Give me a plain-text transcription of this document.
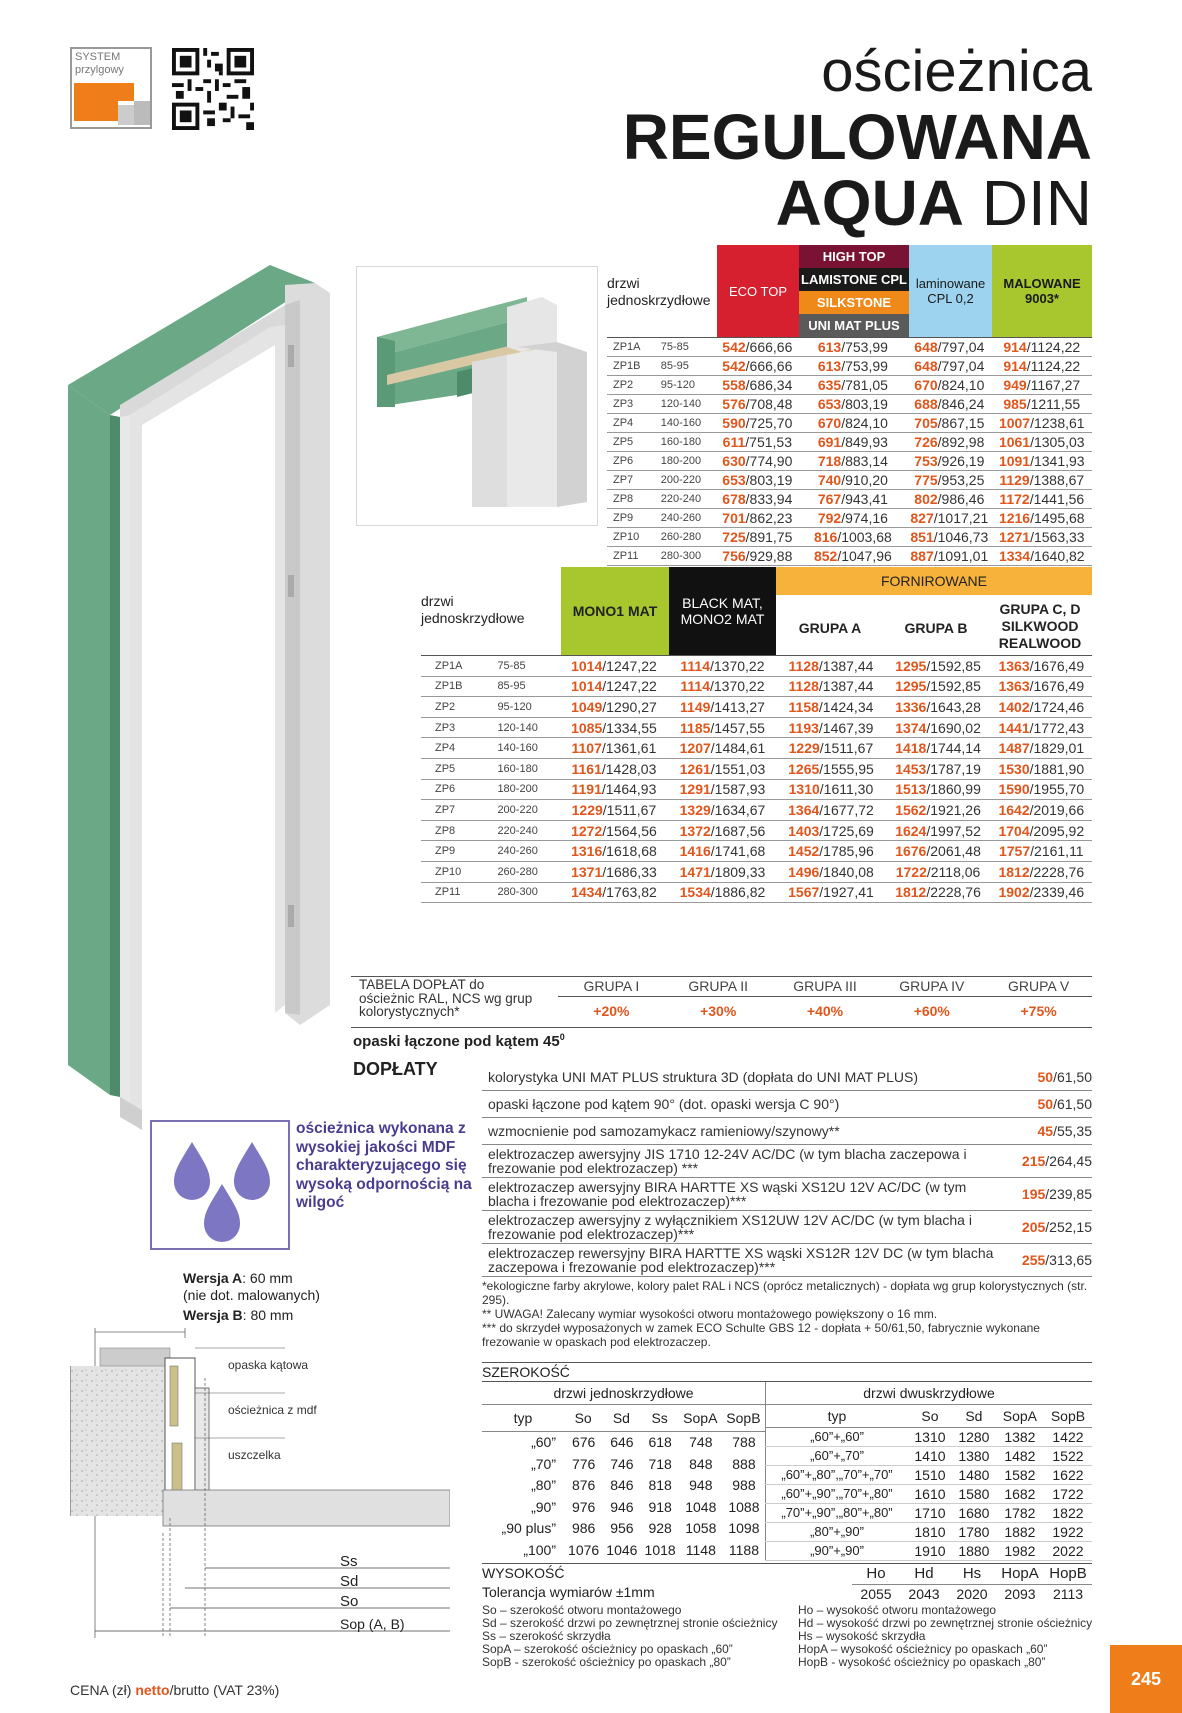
SYSTEM przylgowy	ościeżnica
REGULOWANA
AQUA DIN
drzwi jednoskrzydłowe
ECO TOP
HIGH TOP
LAMISTONE CPL
SILKSTONE
UNI MAT PLUS
laminowane CPL 0,2
MALOWANE 9003*
ZP1A	75-85	542/666,66	613/753,99	648/797,04	914/1124,22
ZP1B	85-95	542/666,66	613/753,99	648/797,04	914/1124,22
ZP2	95-120	558/686,34	635/781,05	670/824,10	949/1167,27
ZP3	120-140	576/708,48	653/803,19	688/846,24	985/1211,55
ZP4	140-160	590/725,70	670/824,10	705/867,15	1007/1238,61
ZP5	160-180	611/751,53	691/849,93	726/892,98	1061/1305,03
ZP6	180-200	630/774,90	718/883,14	753/926,19	1091/1341,93
ZP7	200-220	653/803,19	740/910,20	775/953,25	1129/1388,67
ZP8	220-240	678/833,94	767/943,41	802/986,46	1172/1441,56
ZP9	240-260	701/862,23	792/974,16	827/1017,21	1216/1495,68
ZP10	260-280	725/891,75	816/1003,68	851/1046,73	1271/1563,33
ZP11	280-300	756/929,88	852/1047,96	887/1091,01	1334/1640,82
drzwi jednoskrzydłowe	MONO1 MAT	BLACK MAT, MONO2 MAT
FORNIROWANE
GRUPA A	GRUPA B
GRUPA C, D SILKWOOD REALWOOD
ZP1A	75-85	1014/1247,22	1114/1370,22	1128/1387,44	1295/1592,85	1363/1676,49
ZP1B	85-95	1014/1247,22	1114/1370,22	1128/1387,44	1295/1592,85	1363/1676,49
ZP2	95-120	1049/1290,27	1149/1413,27	1158/1424,34	1336/1643,28	1402/1724,46
ZP3	120-140	1085/1334,55	1185/1457,55	1193/1467,39	1374/1690,02	1441/1772,43
ZP4	140-160	1107/1361,61	1207/1484,61	1229/1511,67	1418/1744,14	1487/1829,01
ZP5	160-180	1161/1428,03	1261/1551,03	1265/1555,95	1453/1787,19	1530/1881,90
ZP6	180-200	1191/1464,93	1291/1587,93	1310/1611,30	1513/1860,99	1590/1955,70
ZP7	200-220	1229/1511,67	1329/1634,67	1364/1677,72	1562/1921,26	1642/2019,66
ZP8	220-240	1272/1564,56	1372/1687,56	1403/1725,69	1624/1997,52	1704/2095,92
ZP9	240-260	1316/1618,68	1416/1741,68	1452/1785,96	1676/2061,48	1757/2161,11
ZP10	260-280	1371/1686,33	1471/1809,33	1496/1840,08	1722/2118,06	1812/2228,76
ZP11	280-300	1434/1763,82	1534/1886,82	1567/1927,41	1812/2228,76	1902/2339,46
TABELA DOPŁAT do ościeżnic RAL, NCS wg grup kolorystycznych*
GRUPA I
+20%
GRUPA II
+30%
GRUPA III
+40%
GRUPA IV
+60%
GRUPA V
+75%
opaski łączone pod kątem $45^0$
DOPŁATY	kolorystyka UNI MAT PLUS struktura 3D (dopłata do UNI MAT PLUS)	50/61,50
opaski łączone pod kątem 90° (dot. opaski wersja C 90°)	50/61,50
wzmocnienie pod samozamykacz ramieniowy/szynowy**	45/55,35
elektrozaczep awersyjny JIS 1710 12-24V AC/DC (w tym blacha zaczepowa i frezowanie pod elektrozaczep) ***	215/264,45
elektrozaczep awersyjny BIRA HARTTE XS wąski XS12U 12V AC/DC (w tym blacha i frezowanie pod elektrozaczep)***	195/239,85
elektrozaczep awersyjny z wyłącznikiem XS12UW 12V AC/DC (w tym blacha i frezowanie pod elektrozaczep)***	205/252,15
elektrozaczep rewersyjny BIRA HARTTE XS wąski XS12R 12V DC (w tym blacha zaczepowa i frezowanie pod elektrozaczep)***	255/313,65
ościeżnica wykonana z wysokiej jakości MDF charakteryzującego się wysoką odpornością na wilgoć
Wersja A: 60 mm
(nie dot. malowanych)
Wersja B: 80 mm
opaska kątowa
ościeżnica z mdf
uszczelka
Ss
Sd
So
Sop (A, B)
*ekologiczne farby akrylowe, kolory palet RAL i NCS (oprócz metalicznych) - dopłata wg grup kolorystycznych (str. 295).
** UWAGA! Zalecany wymiar wysokości otworu montażowego powiększony o 16 mm.
*** do skrzydeł wyposażonych w zamek ECO Schulte GBS 12 - dopłata + 50/61,50, fabrycznie wykonane frezowanie w opaskach pod elektrozaczep.
SZEROKOŚĆ
drzwi jednoskrzydłowe	drzwi dwuskrzydłowe
typ	So	Sd	Ss	SopA	SopB
„60”	676	646	618	748	788
„70”	776	746	718	848	888
„80”	876	846	818	948	988
„90”	976	946	918	1048	1088
„90 plus”	986	956	928	1058	1098
„100”	1076	1046	1018	1148	1188
typ	So	Sd	SopA	SopB
„60”+„60”	1310	1280	1382	1422
„60”+„70”	1410	1380	1482	1522
„60”+„80”,„70”+„70”	1510	1480	1582	1622
„60”+„90”,„70”+„80”	1610	1580	1682	1722
„70”+„90”,„80”+„80”	1710	1680	1782	1822
„80”+„90”	1810	1780	1882	1922
„90”+„90”	1910	1880	1982	2022
WYSOKOŚĆ
Tolerancja wymiarów ±1mm
Ho
2055
Hd
2043
Hs
2020
HopA
2093
HopB
2113
So – szerokość otworu montażowego
Sd – szerokość drzwi po zewnętrznej stronie ościeżnicy
Ss – szerokość skrzydła
SopA – szerokość ościeżnicy po opaskach „60”
SopB - szerokość ościeżnicy po opaskach „80”
Ho – wysokość otworu montażowego
Hd – wysokość drzwi po zewnętrznej stronie ościeżnicy
Hs – wysokość skrzydła
HopA – wysokość ościeżnicy po opaskach „60”
HopB - wysokość ościeżnicy po opaskach „80”
CENA (zł) netto/brutto (VAT 23%)
245
